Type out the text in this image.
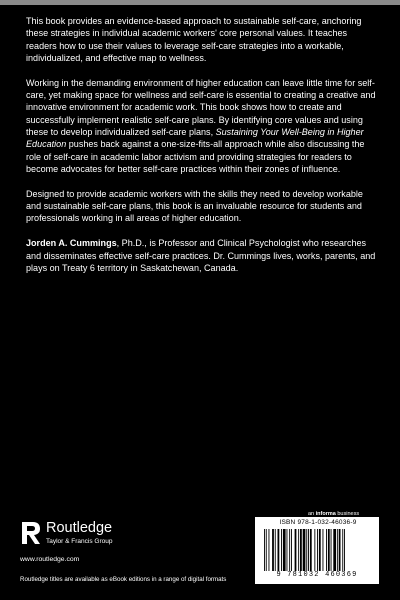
This book provides an evidence-based approach to sustainable self-care, anchoring these strategies in individual academic workers' core personal values. It teaches readers how to use their values to leverage self-care strategies into a workable, individualized, and effective map to wellness.

Working in the demanding environment of higher education can leave little time for self-care, yet making space for wellness and self-care is essential to creating a creative and innovative environment for academic work. This book shows how to create and successfully implement realistic self-care plans. By identifying core values and using these to develop individualized self-care plans, Sustaining Your Well-Being in Higher Education pushes back against a one-size-fits-all approach while also discussing the role of self-care in academic labor activism and providing strategies for readers to become advocates for better self-care practices within their zones of influence.

Designed to provide academic workers with the skills they need to develop workable and sustainable self-care plans, this book is an invaluable resource for students and professionals working in all areas of higher education.

Jorden A. Cummings, Ph.D., is Professor and Clinical Psychologist who researches and disseminates effective self-care practices. Dr. Cummings lives, works, parents, and plays on Treaty 6 territory in Saskatchewan, Canada.

an informa business
Routledge
Taylor & Francis Group
www.routledge.com
Routledge titles are available as eBook editions in a range of digital formats
ISBN 978-1-032-46036-9
9 781032 460369
